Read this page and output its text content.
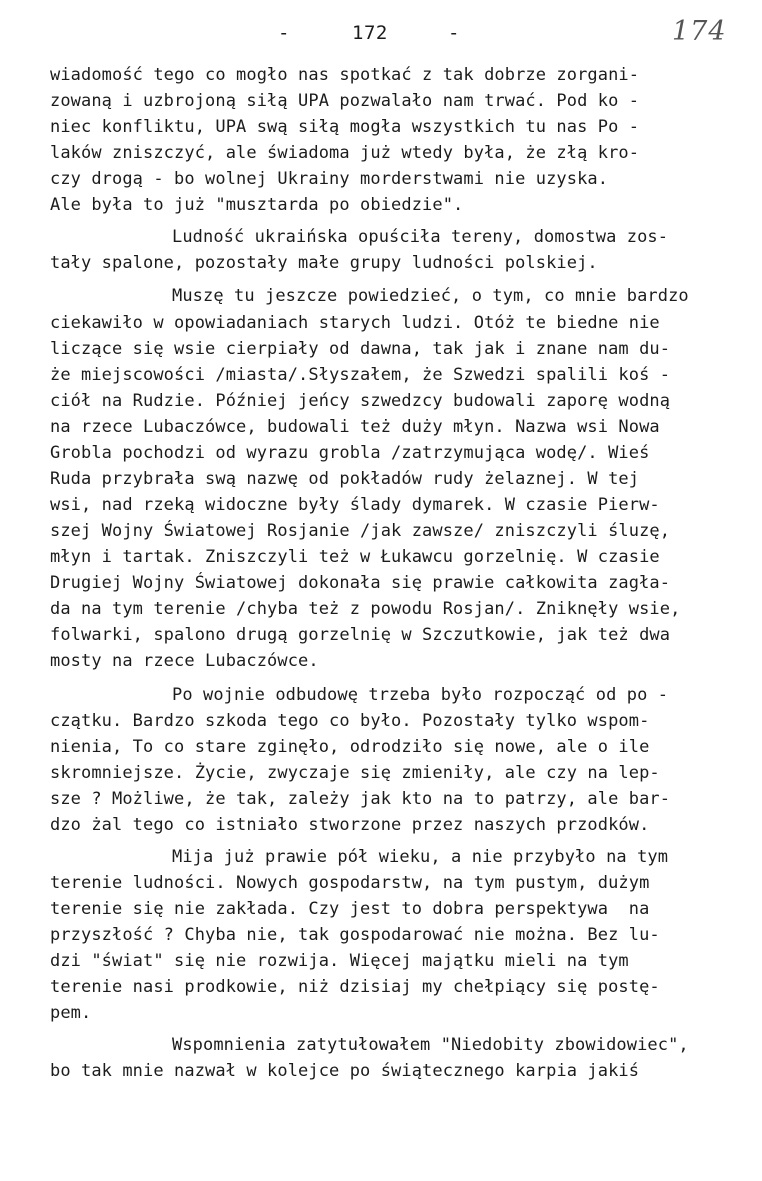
-	172	-	174
wiadomość tego co mogło nas spotkać z tak dobrze zorgani-
zowaną i uzbrojoną siłą UPA pozwalało nam trwać. Pod ko -
niec konfliktu, UPA swą siłą mogła wszystkich tu nas Po -
laków zniszczyć, ale świadoma już wtedy była, że złą kro-
czy drogą - bo wolnej Ukrainy morderstwami nie uzyska.
Ale była to już "musztarda po obiedzie".
Ludność ukraińska opuściła tereny, domostwa zos-
tały spalone, pozostały małe grupy ludności polskiej.
Muszę tu jeszcze powiedzieć, o tym, co mnie bardzo
ciekawiło w opowiadaniach starych ludzi. Otóż te biedne nie
liczące się wsie cierpiały od dawna, tak jak i znane nam du-
że miejscowości /miasta/.Słyszałem, że Szwedzi spalili koś -
ciół na Rudzie. Później jeńcy szwedzcy budowali zaporę wodną
na rzece Lubaczówce, budowali też duży młyn. Nazwa wsi Nowa
Grobla pochodzi od wyrazu grobla /zatrzymująca wodę/. Wieś
Ruda przybrała swą nazwę od pokładów rudy żelaznej. W tej
wsi, nad rzeką widoczne były ślady dymarek. W czasie Pierw-
szej Wojny Światowej Rosjanie /jak zawsze/ zniszczyli śluzę,
młyn i tartak. Zniszczyli też w Łukawcu gorzelnię. W czasie
Drugiej Wojny Światowej dokonała się prawie całkowita zagła-
da na tym terenie /chyba też z powodu Rosjan/. Zniknęły wsie,
folwarki, spalono drugą gorzelnię w Szczutkowie, jak też dwa
mosty na rzece Lubaczówce.
Po wojnie odbudowę trzeba było rozpocząć od po -
czątku. Bardzo szkoda tego co było. Pozostały tylko wspom-
nienia, To co stare zginęło, odrodziło się nowe, ale o ile
skromniejsze. Życie, zwyczaje się zmieniły, ale czy na lep-
sze ? Możliwe, że tak, zależy jak kto na to patrzy, ale bar-
dzo żal tego co istniało stworzone przez naszych przodków.
Mija już prawie pół wieku, a nie przybyło na tym
terenie ludności. Nowych gospodarstw, na tym pustym, dużym
terenie się nie zakłada. Czy jest to dobra perspektywa  na
przyszłość ? Chyba nie, tak gospodarować nie można. Bez lu-
dzi "świat" się nie rozwija. Więcej majątku mieli na tym
terenie nasi prodkowie, niż dzisiaj my chełpiący się postę-
pem.
Wspomnienia zatytułowałem "Niedobity zbowidowiec",
bo tak mnie nazwał w kolejce po świątecznego karpia jakiś
